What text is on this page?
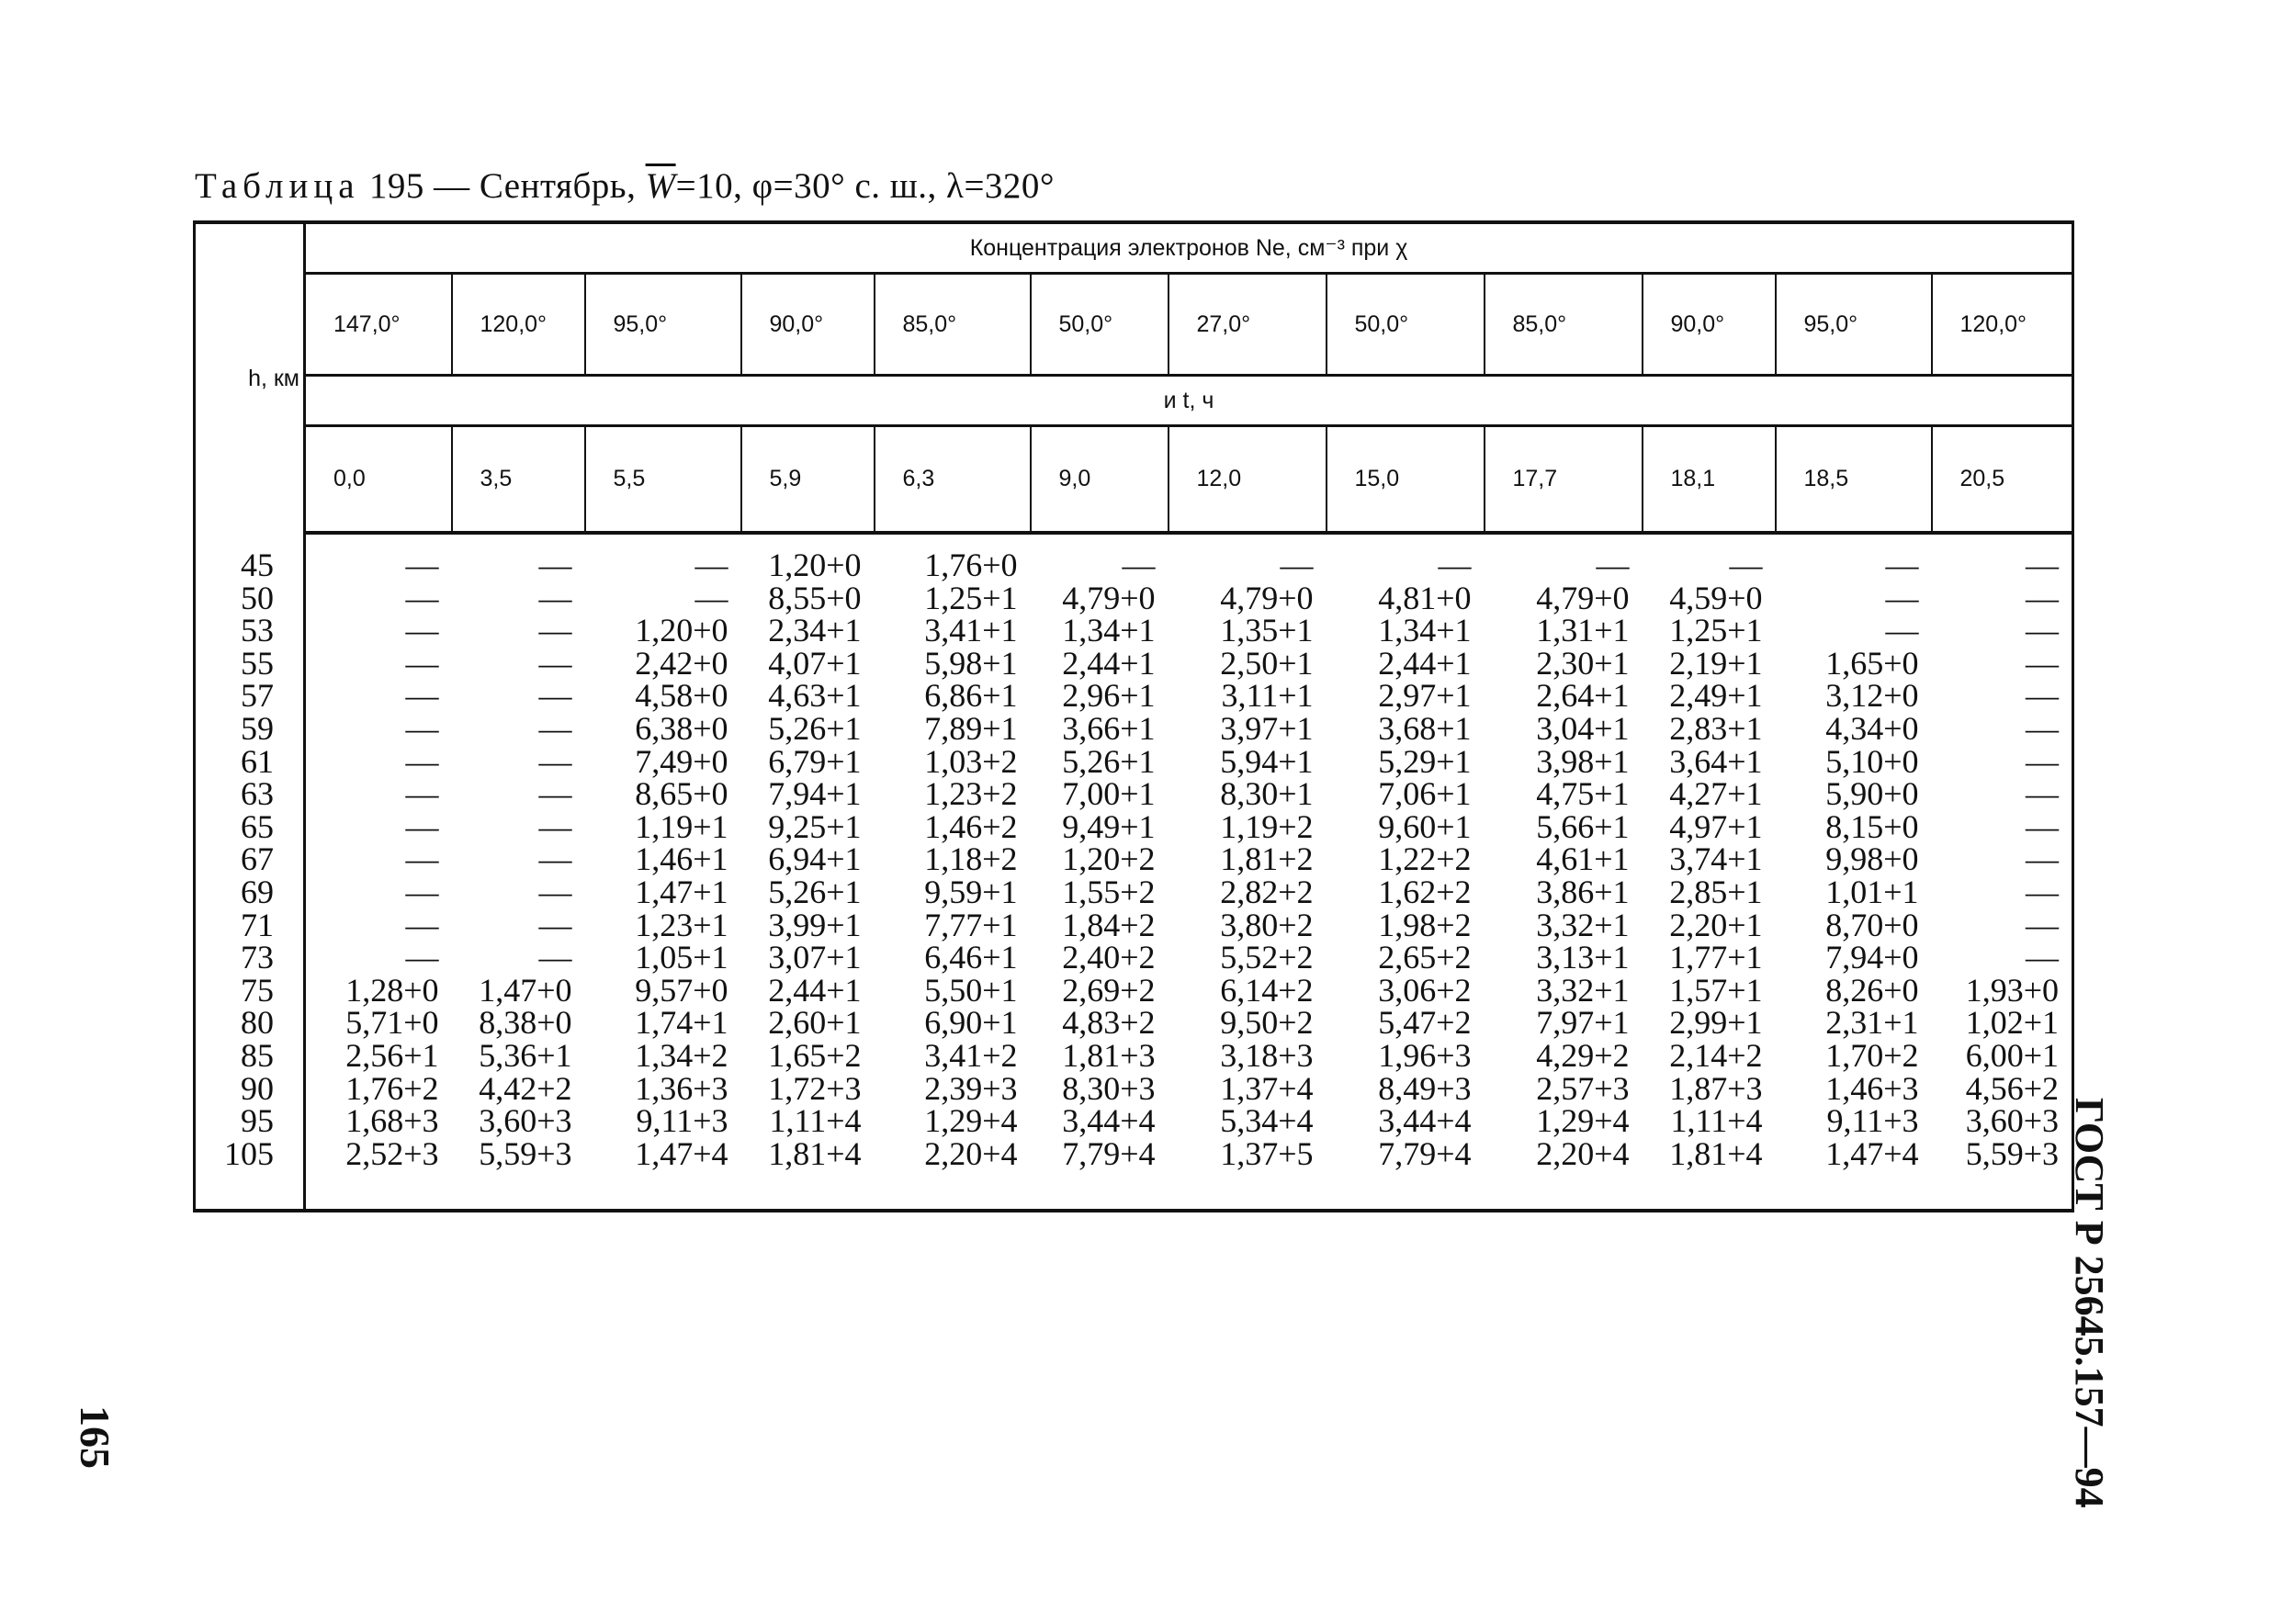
Таблица 195 — Сентябрь, $\overline{W}=10$, φ=30° с. ш., λ=320°
h, км	Концентрация электронов Ne, см⁻³ при χ											
	147,0°	120,0°	95,0°	90,0°	85,0°	50,0°	27,0°	50,0°	85,0°	90,0°	95,0°	120,0°
	и t, ч											
	0,0	3,5	5,5	5,9	6,3	9,0	12,0	15,0	17,7	18,1	18,5	20,5

45	—	—	—	1,20+0	1,76+0	—	—	—	—	—	—	—
50	—	—	—	8,55+0	1,25+1	4,79+0	4,79+0	4,81+0	4,79+0	4,59+0	—	—
53	—	—	1,20+0	2,34+1	3,41+1	1,34+1	1,35+1	1,34+1	1,31+1	1,25+1	—	—
55	—	—	2,42+0	4,07+1	5,98+1	2,44+1	2,50+1	2,44+1	2,30+1	2,19+1	1,65+0	—
57	—	—	4,58+0	4,63+1	6,86+1	2,96+1	3,11+1	2,97+1	2,64+1	2,49+1	3,12+0	—
59	—	—	6,38+0	5,26+1	7,89+1	3,66+1	3,97+1	3,68+1	3,04+1	2,83+1	4,34+0	—
61	—	—	7,49+0	6,79+1	1,03+2	5,26+1	5,94+1	5,29+1	3,98+1	3,64+1	5,10+0	—
63	—	—	8,65+0	7,94+1	1,23+2	7,00+1	8,30+1	7,06+1	4,75+1	4,27+1	5,90+0	—
65	—	—	1,19+1	9,25+1	1,46+2	9,49+1	1,19+2	9,60+1	5,66+1	4,97+1	8,15+0	—
67	—	—	1,46+1	6,94+1	1,18+2	1,20+2	1,81+2	1,22+2	4,61+1	3,74+1	9,98+0	—
69	—	—	1,47+1	5,26+1	9,59+1	1,55+2	2,82+2	1,62+2	3,86+1	2,85+1	1,01+1	—
71	—	—	1,23+1	3,99+1	7,77+1	1,84+2	3,80+2	1,98+2	3,32+1	2,20+1	8,70+0	—
73	—	—	1,05+1	3,07+1	6,46+1	2,40+2	5,52+2	2,65+2	3,13+1	1,77+1	7,94+0	—
75	1,28+0	1,47+0	9,57+0	2,44+1	5,50+1	2,69+2	6,14+2	3,06+2	3,32+1	1,57+1	8,26+0	1,93+0
80	5,71+0	8,38+0	1,74+1	2,60+1	6,90+1	4,83+2	9,50+2	5,47+2	7,97+1	2,99+1	2,31+1	1,02+1
85	2,56+1	5,36+1	1,34+2	1,65+2	3,41+2	1,81+3	3,18+3	1,96+3	4,29+2	2,14+2	1,70+2	6,00+1
90	1,76+2	4,42+2	1,36+3	1,72+3	2,39+3	8,30+3	1,37+4	8,49+3	2,57+3	1,87+3	1,46+3	4,56+2
95	1,68+3	3,60+3	9,11+3	1,11+4	1,29+4	3,44+4	5,34+4	3,44+4	1,29+4	1,11+4	9,11+3	3,60+3
105	2,52+3	5,59+3	1,47+4	1,81+4	2,20+4	7,79+4	1,37+5	7,79+4	2,20+4	1,81+4	1,47+4	5,59+3

165	ГОСТ Р 25645.157—94
